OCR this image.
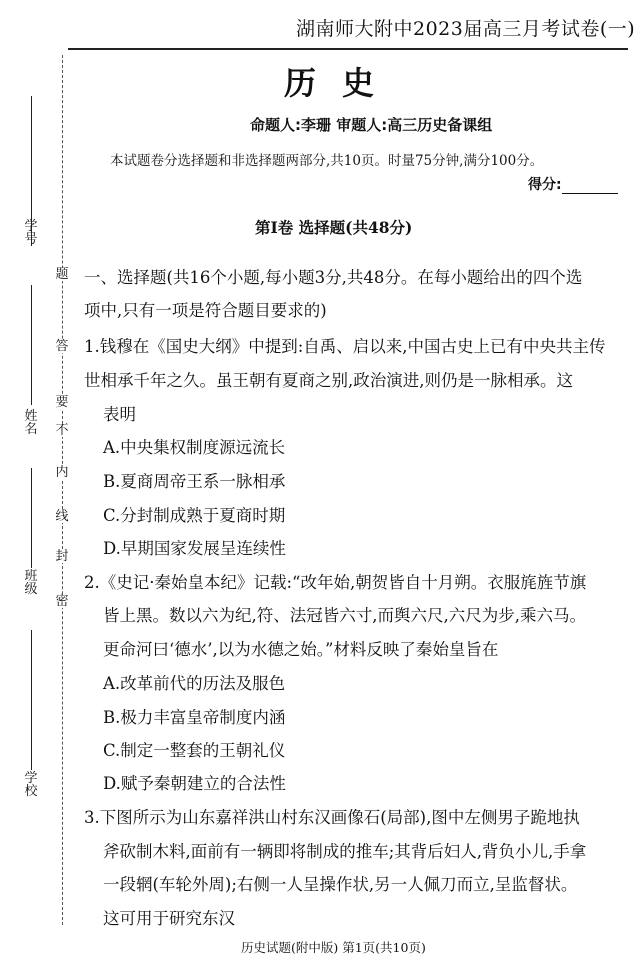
学 号
姓 名
班 级
学 校
题
答
要
不
内
线
封
密
湖南师大附中2023届高三月考试卷(一)
历史
命题人:李珊 审题人:高三历史备课组
本试题卷分选择题和非选择题两部分,共10页。时量75分钟,满分100分。
得分:
第Ⅰ卷 选择题(共48分)
一、选择题(共16个小题,每小题3分,共48分。在每小题给出的四个选
项中,只有一项是符合题目要求的)
1.钱穆在《国史大纲》中提到:自禹、启以来,中国古史上已有中央共主传
世相承千年之久。虽王朝有夏商之别,政治演进,则仍是一脉相承。这
表明
A.中央集权制度源远流长
B.夏商周帝王系一脉相承
C.分封制成熟于夏商时期
D.早期国家发展呈连续性
2.《史记·秦始皇本纪》记载:“改年始,朝贺皆自十月朔。衣服旄旌节旗
皆上黑。数以六为纪,符、法冠皆六寸,而舆六尺,六尺为步,乘六马。
更命河曰‘德水’,以为水德之始。”材料反映了秦始皇旨在
A.改革前代的历法及服色
B.极力丰富皇帝制度内涵
C.制定一整套的王朝礼仪
D.赋予秦朝建立的合法性
3.下图所示为山东嘉祥洪山村东汉画像石(局部),图中左侧男子跪地执
斧砍制木料,面前有一辆即将制成的推车;其背后妇人,背负小儿,手拿
一段辋(车轮外周);右侧一人呈操作状,另一人佩刀而立,呈监督状。
这可用于研究东汉
历史试题(附中版) 第1页(共10页)
